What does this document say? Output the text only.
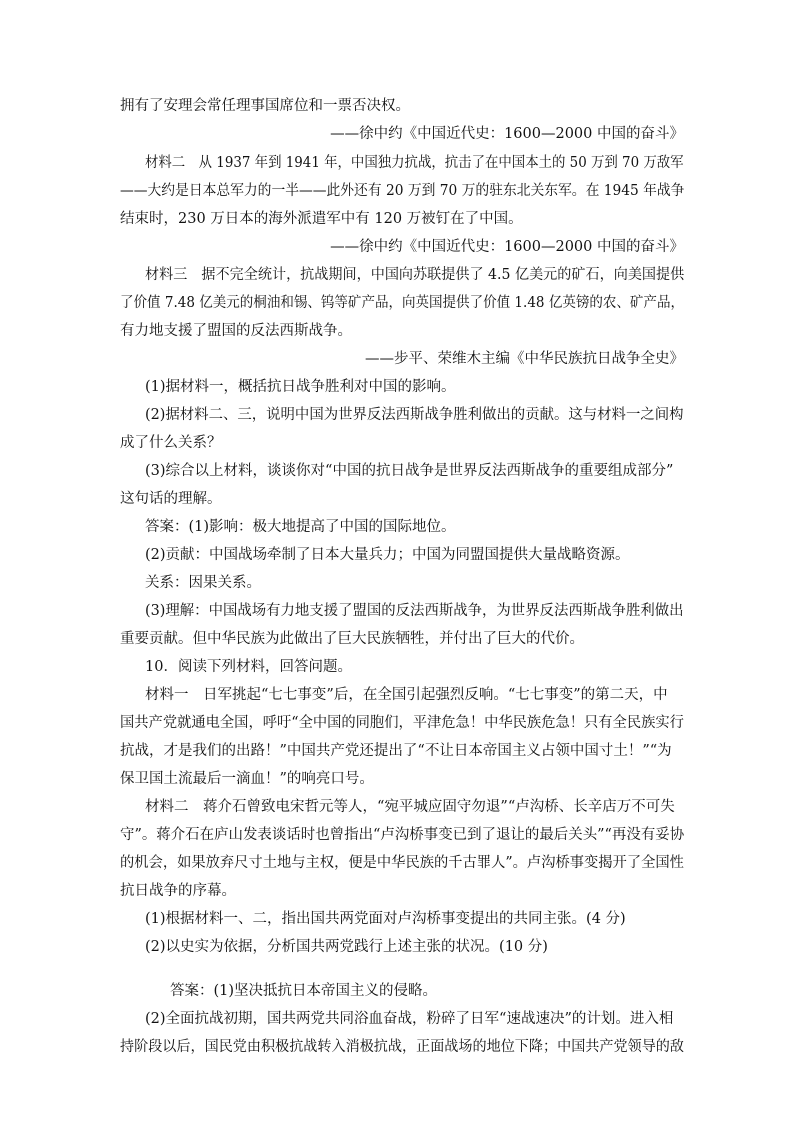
拥有了安理会常任理事国席位和一票否决权。
——徐中约《中国近代史：1600—2000 中国的奋斗》
材料二　从 1937 年到 1941 年，中国独力抗战，抗击了在中国本土的 50 万到 70 万敌军
——大约是日本总军力的一半——此外还有 20 万到 70 万的驻东北关东军。在 1945 年战争
结束时，230 万日本的海外派遣军中有 120 万被钉在了中国。
——徐中约《中国近代史：1600—2000 中国的奋斗》
材料三　据不完全统计，抗战期间，中国向苏联提供了 4.5 亿美元的矿石，向美国提供
了价值 7.48 亿美元的桐油和锡、钨等矿产品，向英国提供了价值 1.48 亿英镑的农、矿产品，
有力地支援了盟国的反法西斯战争。
——步平、荣维木主编《中华民族抗日战争全史》
(1)据材料一，概括抗日战争胜利对中国的影响。
(2)据材料二、三，说明中国为世界反法西斯战争胜利做出的贡献。这与材料一之间构
成了什么关系？
(3)综合以上材料，谈谈你对“中国的抗日战争是世界反法西斯战争的重要组成部分”
这句话的理解。
答案：(1)影响：极大地提高了中国的国际地位。
(2)贡献：中国战场牵制了日本大量兵力；中国为同盟国提供大量战略资源。
关系：因果关系。
(3)理解：中国战场有力地支援了盟国的反法西斯战争，为世界反法西斯战争胜利做出
重要贡献。但中华民族为此做出了巨大民族牺牲，并付出了巨大的代价。
10．阅读下列材料，回答问题。
材料一　日军挑起“七七事变”后，在全国引起强烈反响。“七七事变”的第二天，中
国共产党就通电全国，呼吁“全中国的同胞们，平津危急！中华民族危急！只有全民族实行
抗战，才是我们的出路！”中国共产党还提出了“不让日本帝国主义占领中国寸土！”“为
保卫国土流最后一滴血！”的响亮口号。
材料二　蒋介石曾致电宋哲元等人，“宛平城应固守勿退”“卢沟桥、长辛店万不可失
守”。蒋介石在庐山发表谈话时也曾指出“卢沟桥事变已到了退让的最后关头”“再没有妥协
的机会，如果放弃尺寸土地与主权，便是中华民族的千古罪人”。卢沟桥事变揭开了全国性
抗日战争的序幕。
(1)根据材料一、二，指出国共两党面对卢沟桥事变提出的共同主张。(4 分)
(2)以史实为依据，分析国共两党践行上述主张的状况。(10 分)
答案：(1)坚决抵抗日本帝国主义的侵略。
(2)全面抗战初期，国共两党共同浴血奋战，粉碎了日军“速战速决”的计划。进入相
持阶段以后，国民党由积极抗战转入消极抗战，正面战场的地位下降；中国共产党领导的敌
